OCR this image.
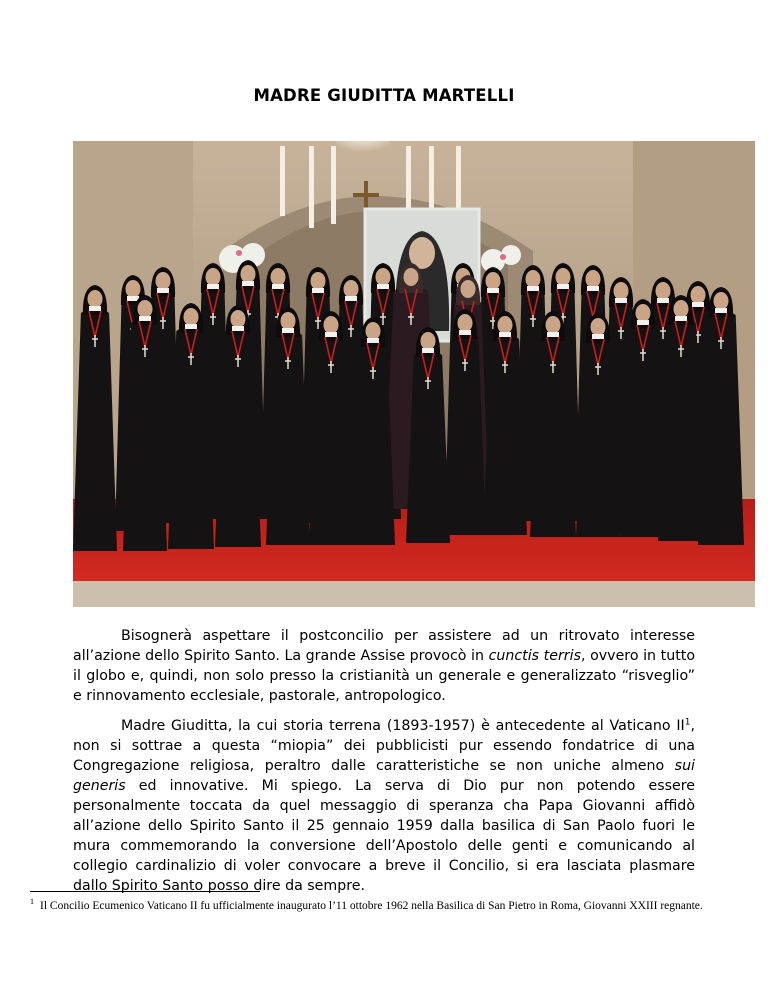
MADRE GIUDITTA MARTELLI

Bisognerà aspettare il postconcilio per assistere ad un ritrovato interesse all’azione dello Spirito Santo. La grande Assise provocò in cunctis terris, ovvero in tutto il globo e, quindi, non solo presso la cristianità un generale e generalizzato “risveglio” e rinnovamento ecclesiale, pastorale, antropologico.

Madre Giuditta, la cui storia terrena (1893-1957) è antecedente al Vaticano $II^1$, non si sottrae a questa “miopia” dei pubblicisti pur essendo fondatrice di una Congregazione religiosa, peraltro dalle caratteristiche se non uniche almeno sui generis ed innovative. Mi spiego. La serva di Dio pur non potendo essere personalmente toccata da quel messaggio di speranza cha Papa Giovanni affidò all’azione dello Spirito Santo il 25 gennaio 1959 dalla basilica di San Paolo fuori le mura commemorando la conversione dell’Apostolo delle genti e comunicando al collegio cardinalizio di voler convocare a breve il Concilio, si era lasciata plasmare dallo Spirito Santo posso dire da sempre.

$^1$ Il Concilio Ecumenico Vaticano II fu ufficialmente inaugurato l’11 ottobre 1962 nella Basilica di San Pietro in Roma, Giovanni XXIII regnante.
